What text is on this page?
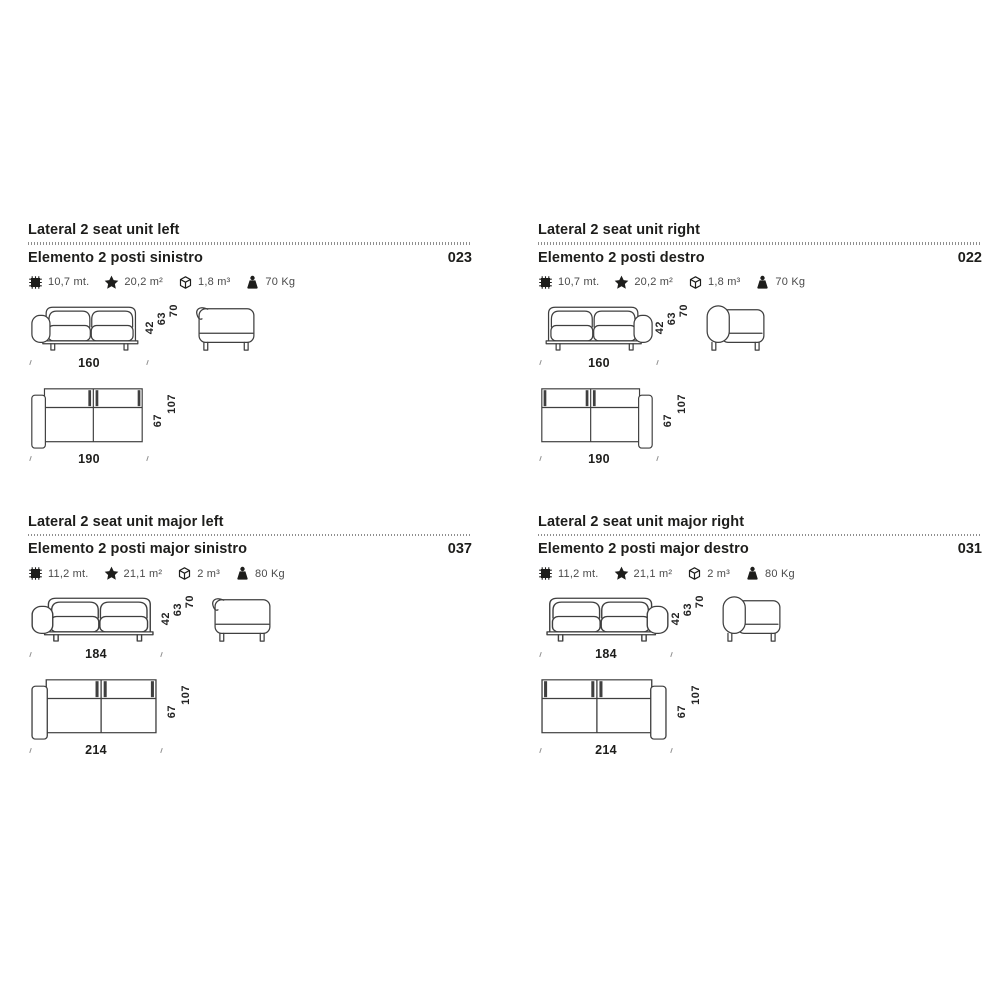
Lateral 2 seat unit left
Elemento 2 posti sinistro	023
10,7 mt.	20,2 m²	1,8 m³	70 Kg
42
63
70
160
67
107
190
Lateral 2 seat unit right
Elemento 2 posti destro	022
10,7 mt.	20,2 m²	1,8 m³	70 Kg
42
63
70
160
67
107
190
Lateral 2 seat unit major left
Elemento 2 posti major sinistro	037
11,2 mt.	21,1 m²	2 m³	80 Kg
42
63
70
184
67
107
214
Lateral 2 seat unit major right
Elemento 2 posti major destro	031
11,2 mt.	21,1 m²	2 m³	80 Kg
42
63
70
184
67
107
214
